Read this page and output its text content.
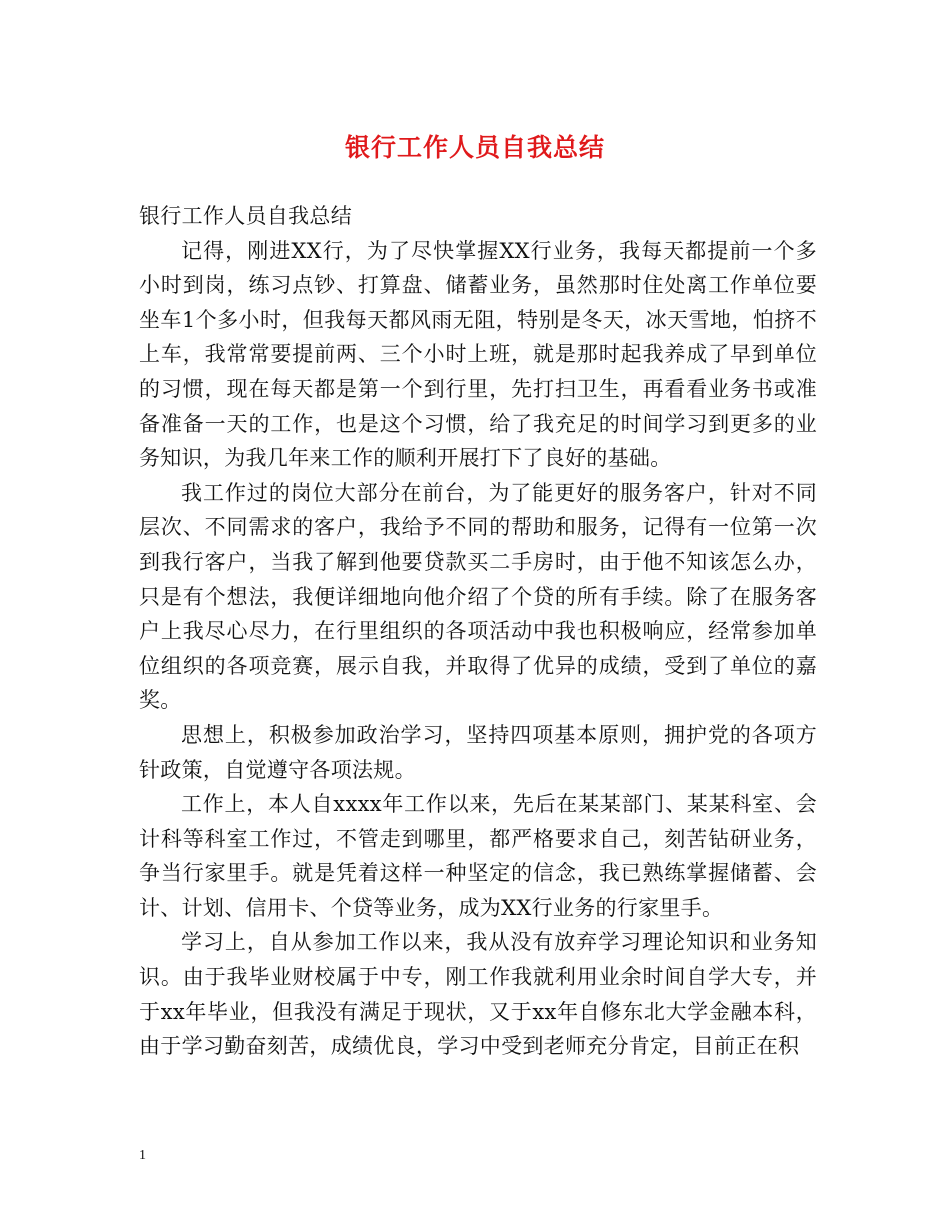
银行工作人员自我总结

银行工作人员自我总结

记得，刚进XX行，为了尽快掌握XX行业务，我每天都提前一个多小时到岗，练习点钞、打算盘、储蓄业务，虽然那时住处离工作单位要坐车1个多小时，但我每天都风雨无阻，特别是冬天，冰天雪地，怕挤不上车，我常常要提前两、三个小时上班，就是那时起我养成了早到单位的习惯，现在每天都是第一个到行里，先打扫卫生，再看看业务书或准备准备一天的工作，也是这个习惯，给了我充足的时间学习到更多的业务知识，为我几年来工作的顺利开展打下了良好的基础。

我工作过的岗位大部分在前台，为了能更好的服务客户，针对不同层次、不同需求的客户，我给予不同的帮助和服务，记得有一位第一次到我行客户，当我了解到他要贷款买二手房时，由于他不知该怎么办，只是有个想法，我便详细地向他介绍了个贷的所有手续。除了在服务客户上我尽心尽力，在行里组织的各项活动中我也积极响应，经常参加单位组织的各项竞赛，展示自我，并取得了优异的成绩，受到了单位的嘉奖。

思想上，积极参加政治学习，坚持四项基本原则，拥护党的各项方针政策，自觉遵守各项法规。

工作上，本人自xxxx年工作以来，先后在某某部门、某某科室、会计科等科室工作过，不管走到哪里，都严格要求自己，刻苦钻研业务，争当行家里手。就是凭着这样一种坚定的信念，我已熟练掌握储蓄、会计、计划、信用卡、个贷等业务，成为XX行业务的行家里手。

学习上，自从参加工作以来，我从没有放弃学习理论知识和业务知识。由于我毕业财校属于中专，刚工作我就利用业余时间自学大专，并于xx年毕业，但我没有满足于现状，又于xx年自修东北大学金融本科，由于学习勤奋刻苦，成绩优良，学习中受到老师充分肯定，目前正在积

1
